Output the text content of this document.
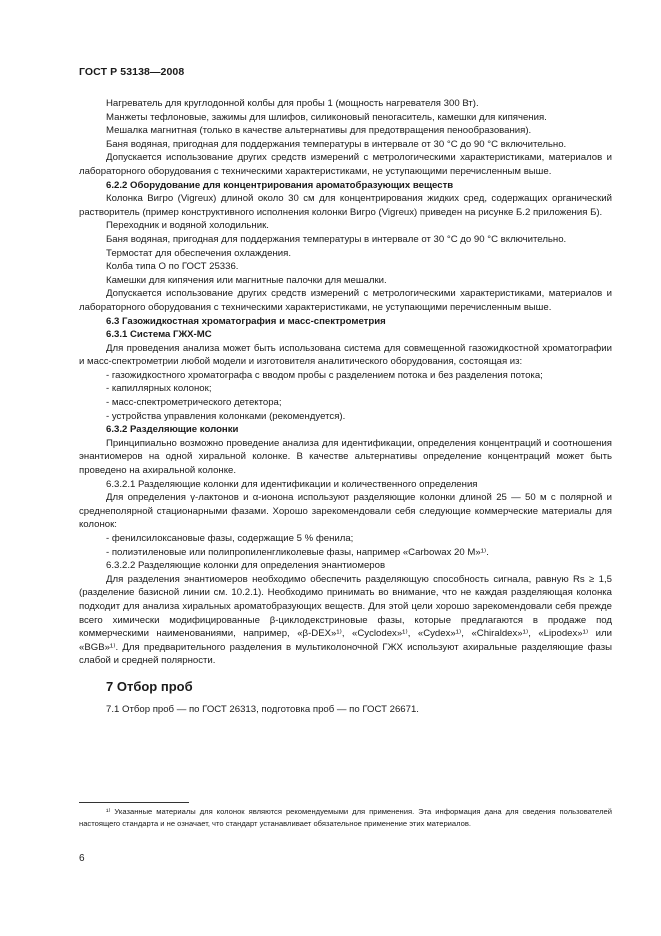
ГОСТ Р 53138—2008

Нагреватель для круглодонной колбы для пробы 1 (мощность нагревателя 300 Вт).

Манжеты тефлоновые, зажимы для шлифов, силиконовый пеногаситель, камешки для кипячения.

Мешалка магнитная (только в качестве альтернативы для предотвращения пенообразования).

Баня водяная, пригодная для поддержания температуры в интервале от 30 °С до 90 °С включительно.

Допускается использование других средств измерений с метрологическими характеристиками, материалов и лабораторного оборудования с техническими характеристиками, не уступающими перечисленным выше.

6.2.2 Оборудование для концентрирования ароматобразующих веществ

Колонка Вигро (Vigreux) длиной около 30 см для концентрирования жидких сред, содержащих органический растворитель (пример конструктивного исполнения колонки Вигро (Vigreux) приведен на рисунке Б.2 приложения Б).

Переходник и водяной холодильник.

Баня водяная, пригодная для поддержания температуры в интервале от 30 °С до 90 °С включительно.

Термостат для обеспечения охлаждения.

Колба типа О по ГОСТ 25336.

Камешки для кипячения или магнитные палочки для мешалки.

Допускается использование других средств измерений с метрологическими характеристиками, материалов и лабораторного оборудования с техническими характеристиками, не уступающими перечисленным выше.

6.3 Газожидкостная хроматография и масс-спектрометрия

6.3.1 Система ГЖХ-МС

Для проведения анализа может быть использована система для совмещенной газожидкостной хроматографии и масс-спектрометрии любой модели и изготовителя аналитического оборудования, состоящая из:

- газожидкостного хроматографа с вводом пробы с разделением потока и без разделения потока;

- капиллярных колонок;

- масс-спектрометрического детектора;

- устройства управления колонками (рекомендуется).

6.3.2 Разделяющие колонки

Принципиально возможно проведение анализа для идентификации, определения концентраций и соотношения энантиомеров на одной хиральной колонке. В качестве альтернативы определение концентраций может быть проведено на ахиральной колонке.

6.3.2.1 Разделяющие колонки для идентификации и количественного определения

Для определения γ-лактонов и α-ионона используют разделяющие колонки длиной 25 — 50 м с полярной и среднеполярной стационарными фазами. Хорошо зарекомендовали себя следующие коммерческие материалы для колонок:

- фенилсилоксановые фазы, содержащие 5 % фенила;

- полиэтиленовые или полипропиленгликолевые фазы, например «Carbowax 20 M»¹⁾.

6.3.2.2 Разделяющие колонки для определения энантиомеров

Для разделения энантиомеров необходимо обеспечить разделяющую способность сигнала, равную Rs ≥ 1,5 (разделение базисной линии см. 10.2.1). Необходимо принимать во внимание, что не каждая разделяющая колонка подходит для анализа хиральных ароматобразующих веществ. Для этой цели хорошо зарекомендовали себя прежде всего химически модифицированные β-циклодекстриновые фазы, которые предлагаются в продаже под коммерческими наименованиями, например, «β-DEX»¹⁾, «Cyclodex»¹⁾, «Cydex»¹⁾, «Chiraldex»¹⁾, «Lipodex»¹⁾ или «BGB»¹⁾. Для предварительного разделения в мультиколоночной ГЖХ используют ахиральные разделяющие фазы слабой и средней полярности.

7 Отбор проб

7.1 Отбор проб — по ГОСТ 26313, подготовка проб — по ГОСТ 26671.

¹⁾ Указанные материалы для колонок являются рекомендуемыми для применения. Эта информация дана для сведения пользователей настоящего стандарта и не означает, что стандарт устанавливает обязательное применение этих материалов.

6
